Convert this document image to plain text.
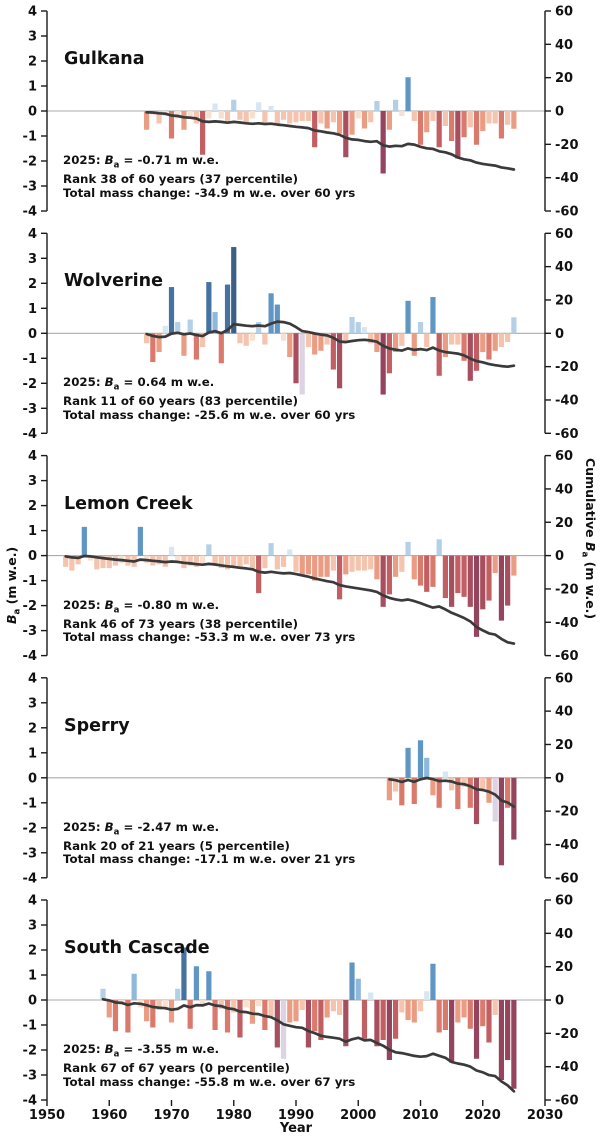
4
3
2
1
0
-1
-2
-3
-4
60
40
20
0
-20
-40
-60
4
3
2
1
0
-1
-2
-3
-4
60
40
20
0
-20
-40
-60
4
3
2
1
0
-1
-2
-3
-4
60
40
20
0
-20
-40
-60
4
3
2
1
0
-1
-2
-3
-4
60
40
20
0
-20
-40
-60
4
3
2
1
0
-1
-2
-3
-4
60
40
20
0
-20
-40
-60
1950 1960 1970 1980 1990 2000 2010 2020 2030
Gulkana
Wolverine
Lemon Creek
Sperry
South Cascade
2025: $B_a = -0.71$ m w.e.
Rank 38 of 60 years (37 percentile)
Total mass change: -34.9 m w.e. over 60 yrs
2025: $B_a = 0.64$ m w.e.
Rank 11 of 60 years (83 percentile)
Total mass change: -25.6 m w.e. over 60 yrs
2025: $B_a = -0.80$ m w.e.
Rank 46 of 73 years (38 percentile)
Total mass change: -53.3 m w.e. over 73 yrs
2025: $B_a = -2.47$ m w.e.
Rank 20 of 21 years (5 percentile)
Total mass change: -17.1 m w.e. over 21 yrs
2025: $B_a = -3.55$ m w.e.
Rank 67 of 67 years (0 percentile)
Total mass change: -55.8 m w.e. over 67 yrs
$B_a$ (m w.e.)
Cumulative $B_a$ (m w.e.)
Year
